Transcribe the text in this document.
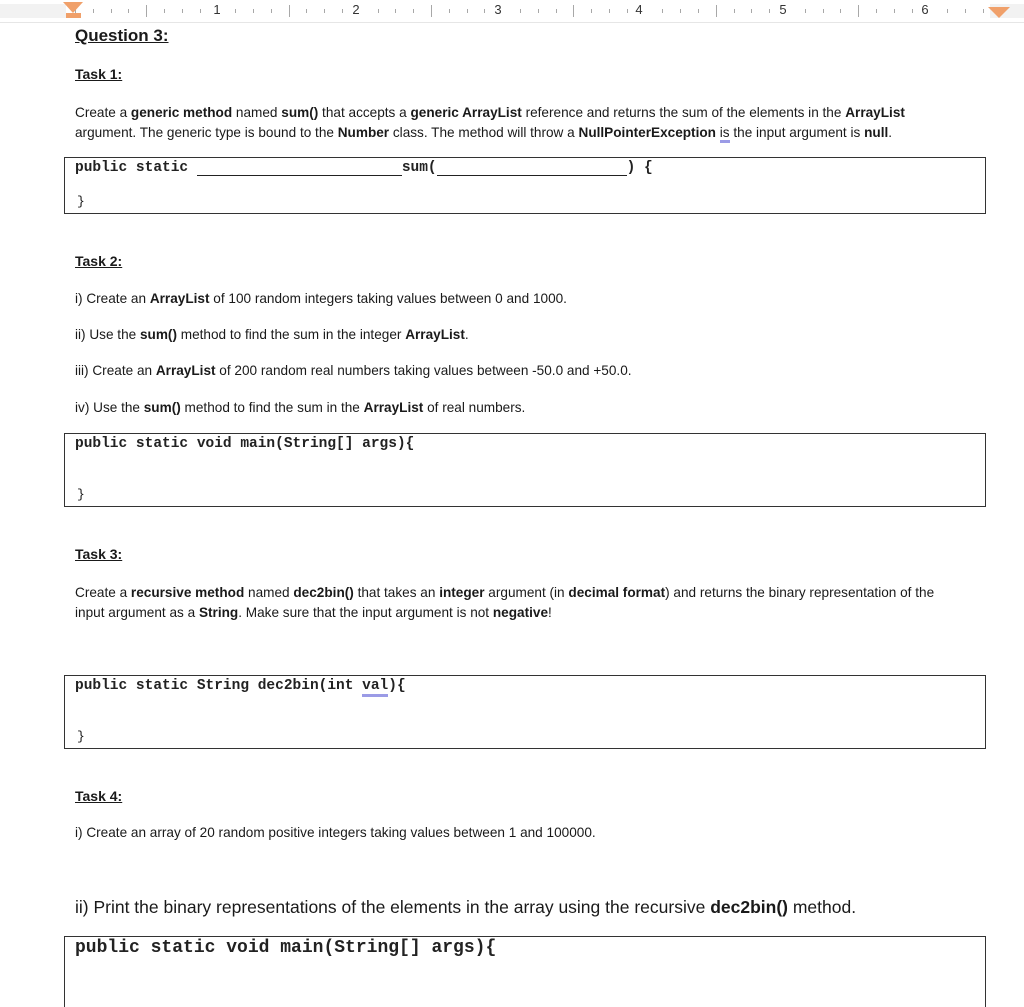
1	2	3	4	5	6
Question 3:
Task 1:
Create a generic method named sum() that accepts a generic ArrayList reference and returns the sum of the elements in the ArrayList
argument. The generic type is bound to the Number class. The method will throw a NullPointerException is the input argument is null.
public static	sum(	) {
}
Task 2:
i) Create an ArrayList of 100 random integers taking values between 0 and 1000.
ii) Use the sum() method to find the sum in the integer ArrayList.
iii) Create an ArrayList of 200 random real numbers taking values between -50.0 and +50.0.
iv) Use the sum() method to find the sum in the ArrayList of real numbers.
public static void main(String[] args){
}
Task 3:
Create a recursive method named dec2bin() that takes an integer argument (in decimal format) and returns the binary representation of the
input argument as a String. Make sure that the input argument is not negative!
public static String dec2bin(int val){
}
Task 4:
i) Create an array of 20 random positive integers taking values between 1 and 100000.
ii) Print the binary representations of the elements in the array using the recursive dec2bin() method.
public static void main(String[] args){
